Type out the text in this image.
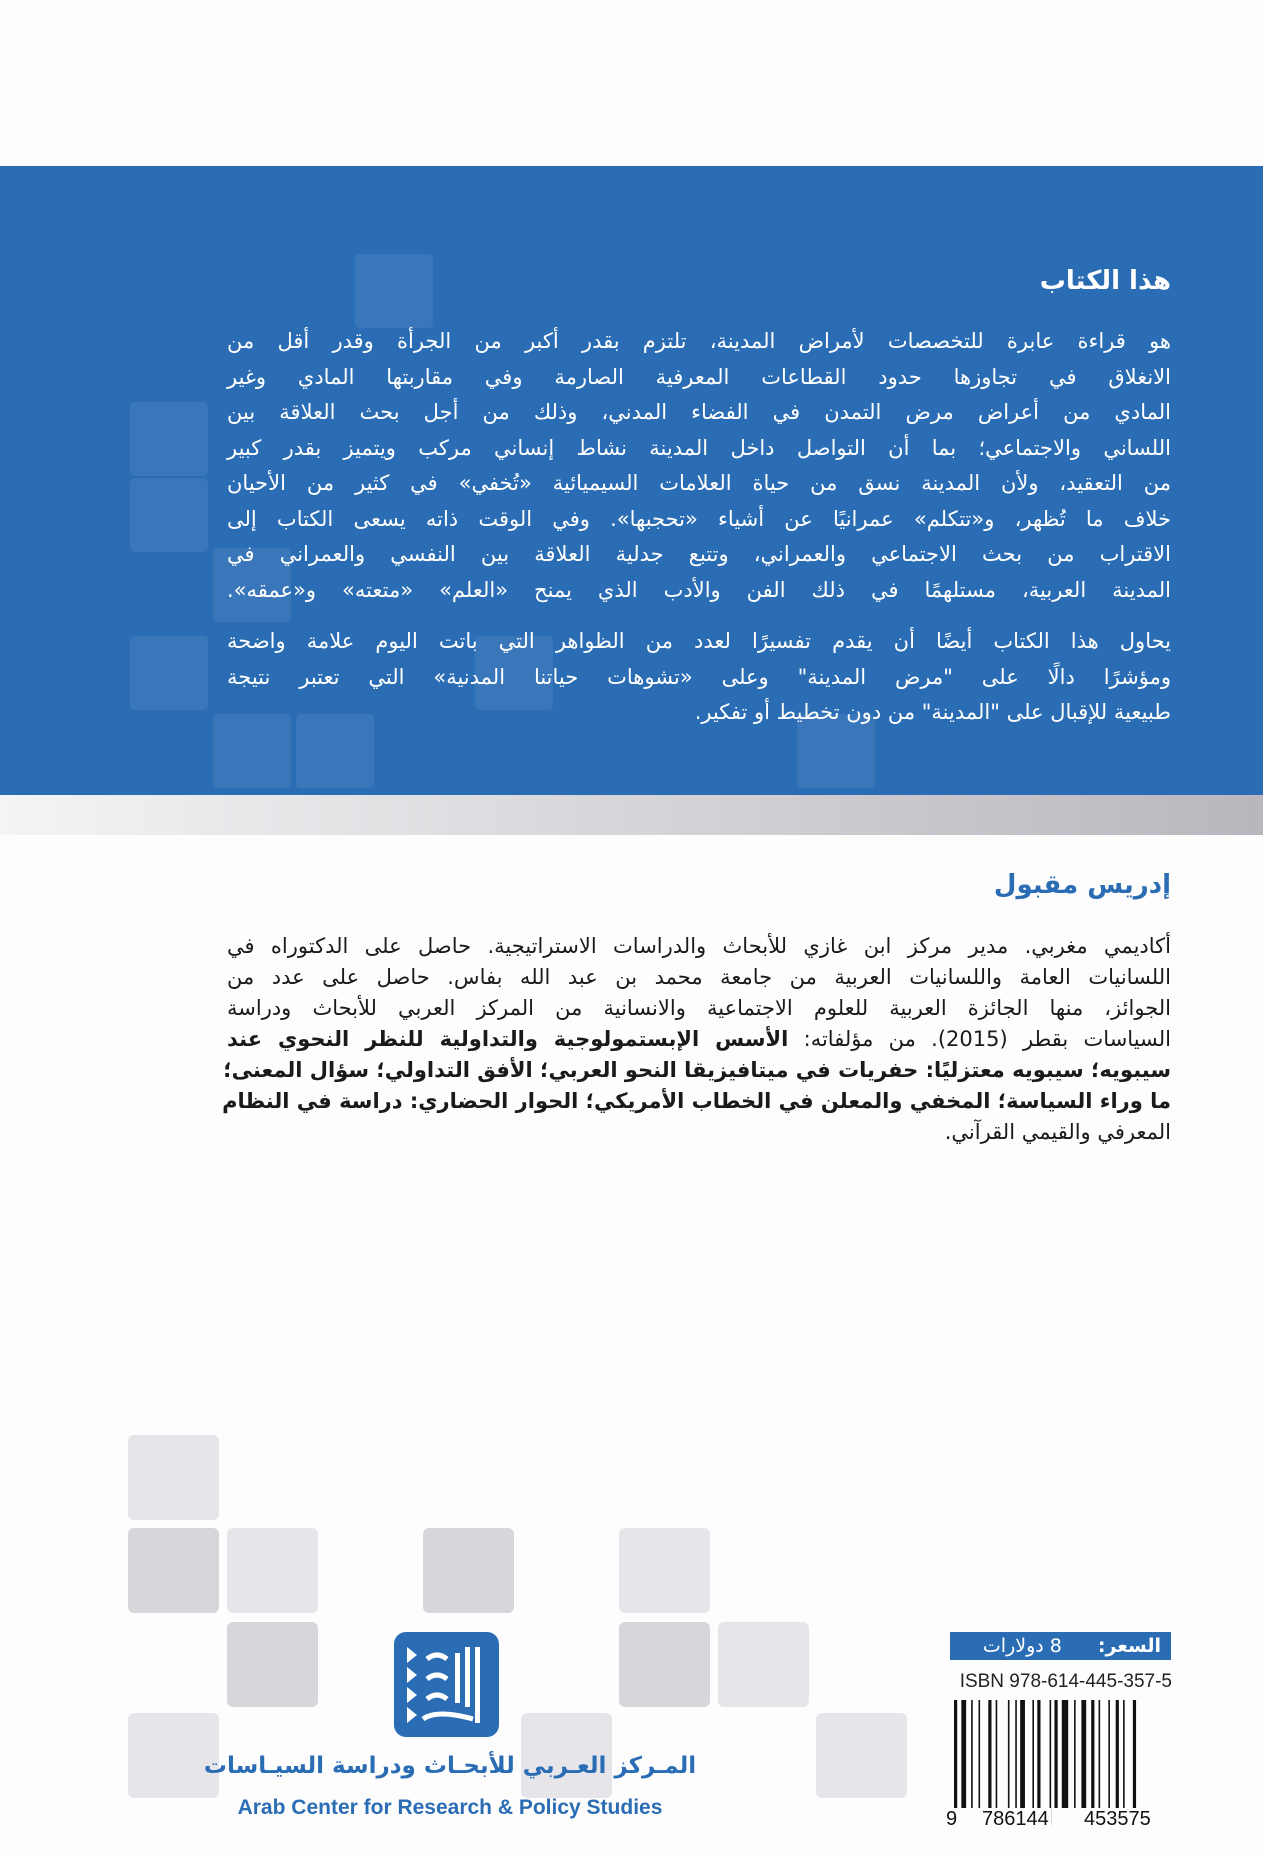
هذا الكتاب
هو قراءة عابرة للتخصصات لأمراض المدينة، تلتزم بقدر أكبر من الجرأة وقدر أقل من
الانغلاق في تجاوزها حدود القطاعات المعرفية الصارمة وفي مقاربتها المادي وغير
المادي من أعراض مرض التمدن في الفضاء المدني، وذلك من أجل بحث العلاقة بين
اللساني والاجتماعي؛ بما أن التواصل داخل المدينة نشاط إنساني مركب ويتميز بقدر كبير
من التعقيد، ولأن المدينة نسق من حياة العلامات السيميائية «تُخفي» في كثير من الأحيان
خلاف ما تُظهر، و«تتكلم» عمرانيًا عن أشياء «تحجبها». وفي الوقت ذاته يسعى الكتاب إلى
الاقتراب من بحث الاجتماعي والعمراني، وتتبع جدلية العلاقة بين النفسي والعمراني في
المدينة العربية، مستلهمًا في ذلك الفن والأدب الذي يمنح «العلم» «متعته» و«عمقه».
يحاول هذا الكتاب أيضًا أن يقدم تفسيرًا لعدد من الظواهر التي باتت اليوم علامة واضحة
ومؤشرًا دالًا على "مرض المدينة" وعلى «تشوهات حياتنا المدنية» التي تعتبر نتيجة
طبيعية للإقبال على "المدينة" من دون تخطيط أو تفكير.
إدريس مقبول
أكاديمي مغربي. مدير مركز ابن غازي للأبحاث والدراسات الاستراتيجية. حاصل على الدكتوراه في
اللسانيات العامة واللسانيات العربية من جامعة محمد بن عبد الله بفاس. حاصل على عدد من
الجوائز، منها الجائزة العربية للعلوم الاجتماعية والانسانية من المركز العربي للأبحاث ودراسة
السياسات بقطر (2015). من مؤلفاته: الأسس الإبستمولوجية والتداولية للنظر النحوي عند
سيبويه؛ سيبويه معتزليًا: حفريات في ميتافيزيقا النحو العربي؛ الأفق التداولي؛ سؤال المعنى؛
ما وراء السياسة؛ المخفي والمعلن في الخطاب الأمريكي؛ الحوار الحضاري: دراسة في النظام
المعرفي والقيمي القرآني.
المـركز العـربي للأبحـاث ودراسة السيـاسات
Arab Center for Research & Policy Studies
السعر:
8 دولارات
ISBN 978-614-445-357-5
9 786144 453575
